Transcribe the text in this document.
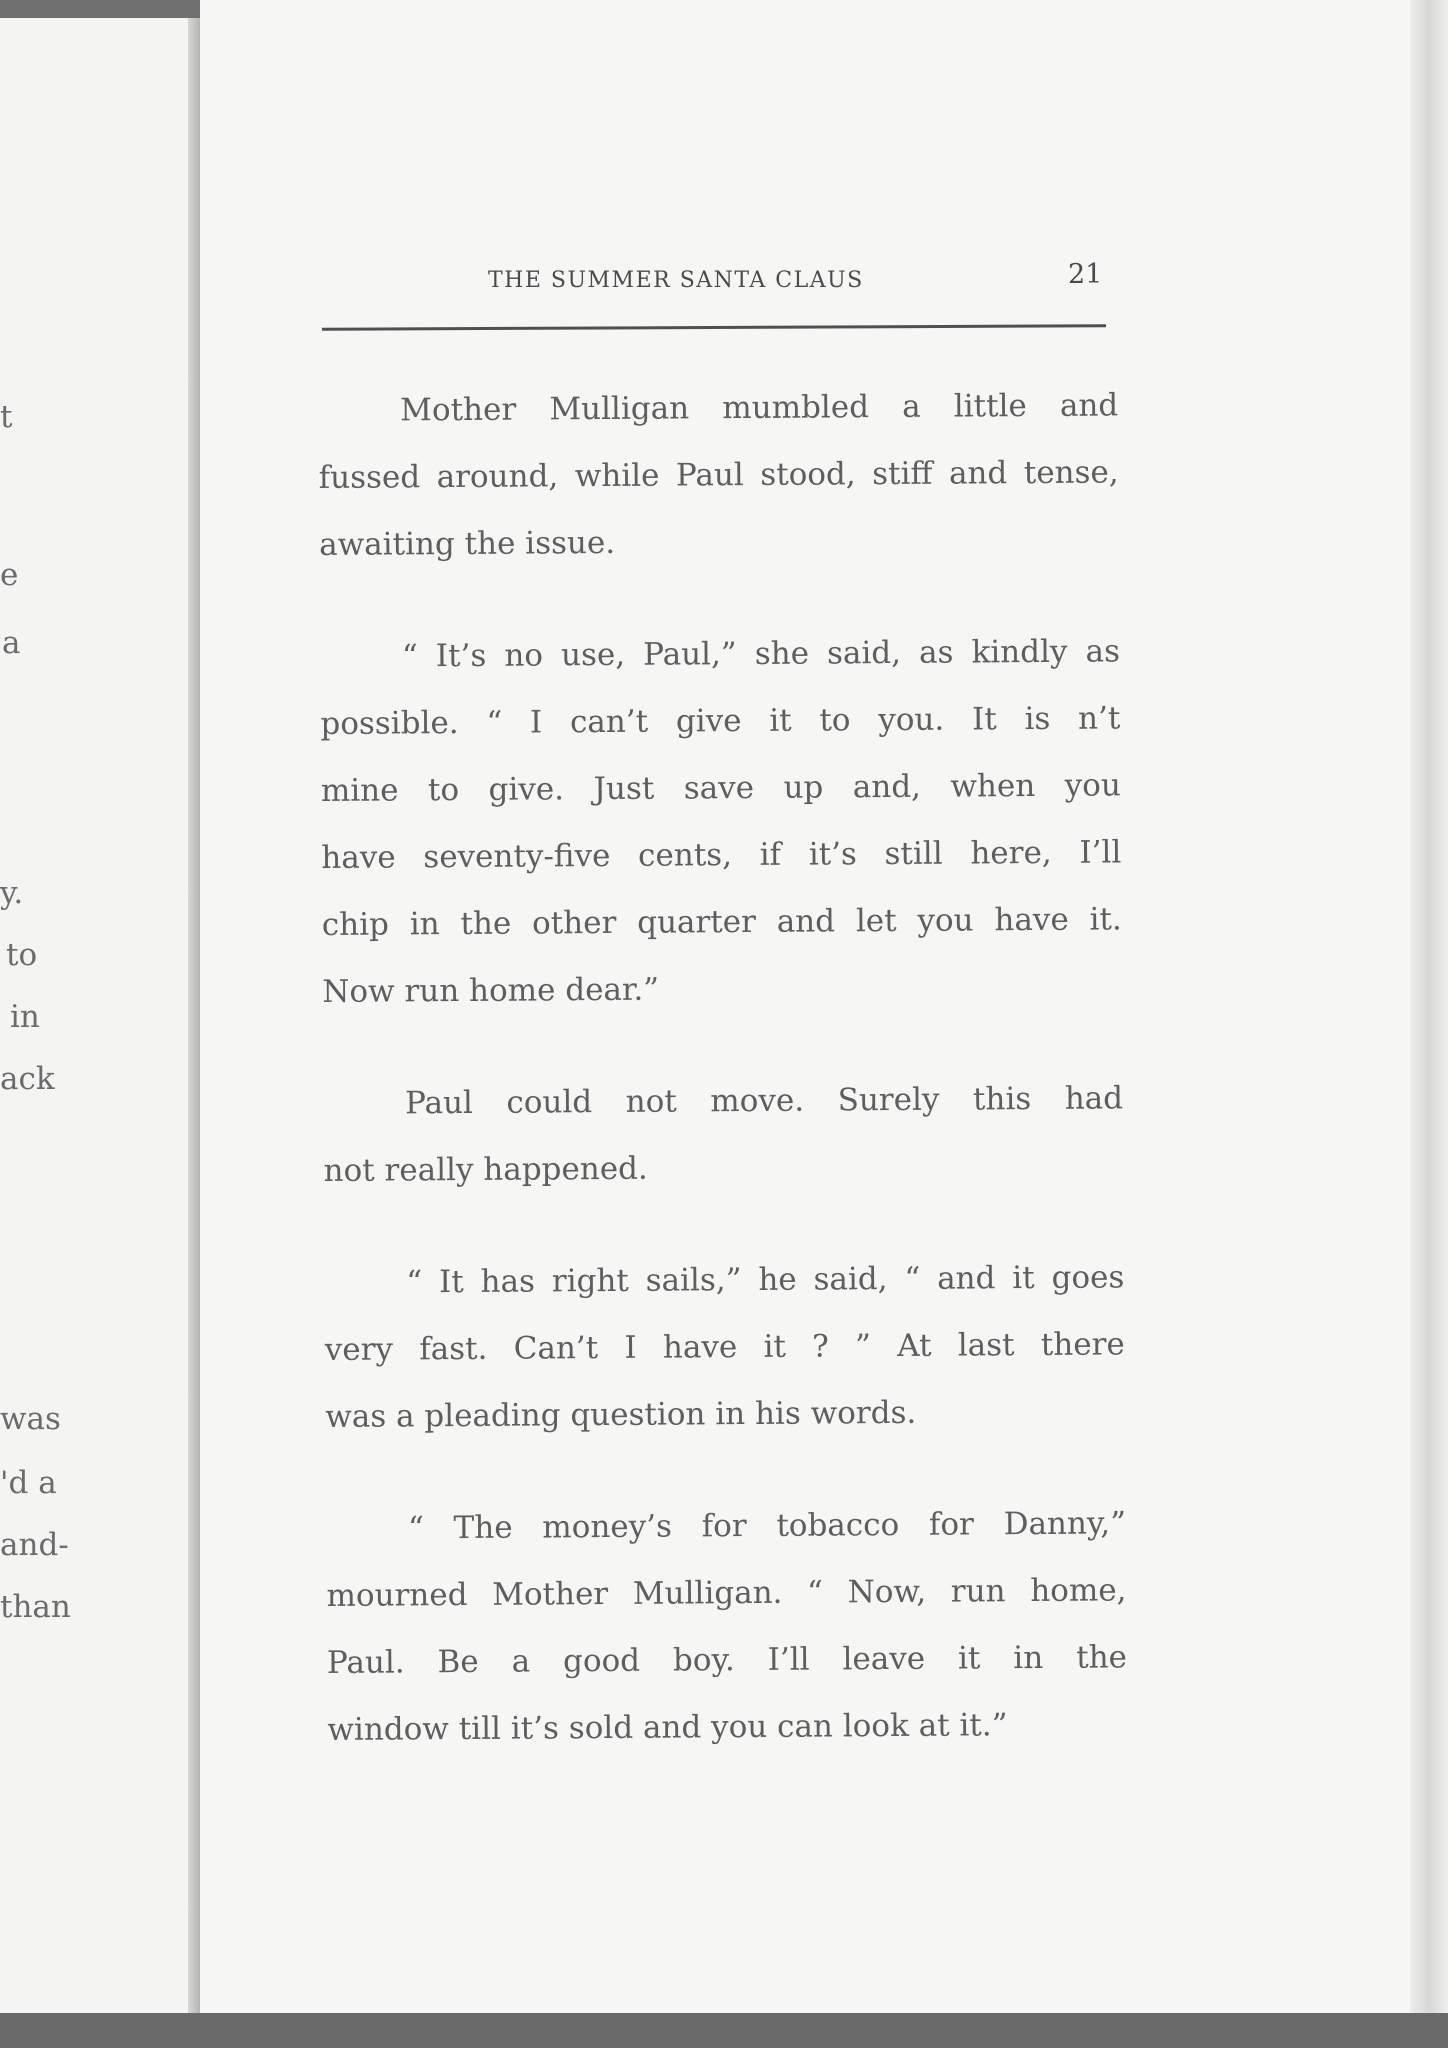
t
e
a
y.
to
in
ack
was
'd a
and-
than
THE SUMMER SANTA CLAUS	21
Mother Mulligan mumbled a little and
fussed around, while Paul stood, stiff and tense,
awaiting the issue.
“ It’s no use, Paul,” she said, as kindly as
possible. “ I can’t give it to you. It is n’t
mine to give. Just save up and, when you
have seventy-five cents, if it’s still here, I’ll
chip in the other quarter and let you have it.
Now run home dear.”
Paul could not move. Surely this had
not really happened.
“ It has right sails,” he said, “ and it goes
very fast. Can’t I have it ? ” At last there
was a pleading question in his words.
“ The money’s for tobacco for Danny,”
mourned Mother Mulligan. “ Now, run home,
Paul. Be a good boy. I’ll leave it in the
window till it’s sold and you can look at it.”
